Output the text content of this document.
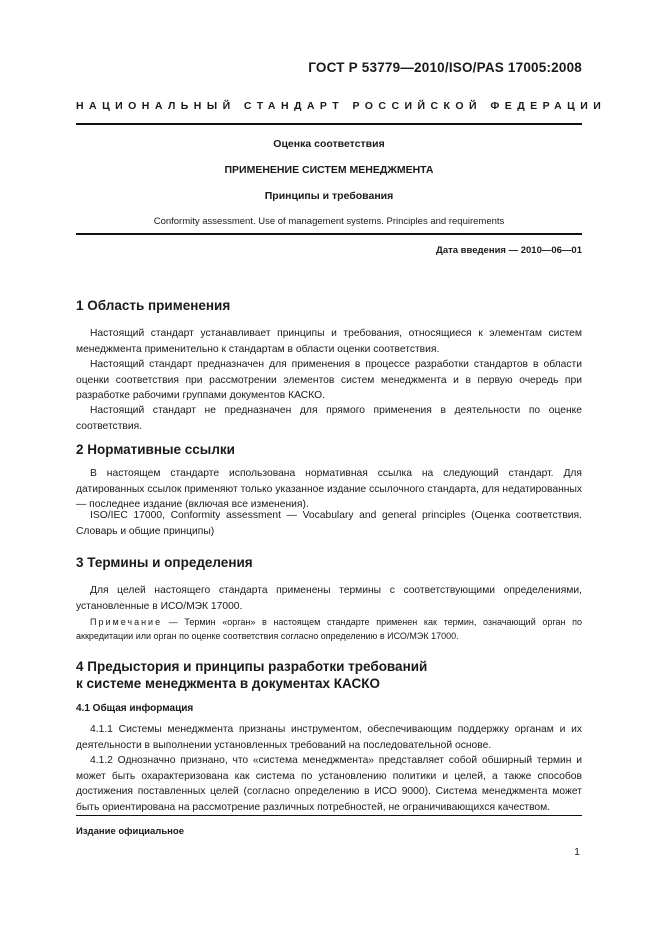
ГОСТ Р 53779—2010/ISO/PAS 17005:2008
НАЦИОНАЛЬНЫЙ СТАНДАРТ РОССИЙСКОЙ ФЕДЕРАЦИИ
Оценка соответствия
ПРИМЕНЕНИЕ СИСТЕМ МЕНЕДЖМЕНТА
Принципы и требования
Conformity assessment. Use of management systems. Principles and requirements
Дата введения — 2010—06—01
1 Область применения
Настоящий стандарт устанавливает принципы и требования, относящиеся к элементам систем менеджмента применительно к стандартам в области оценки соответствия.
Настоящий стандарт предназначен для применения в процессе разработки стандартов в области оценки соответствия при рассмотрении элементов систем менеджмента и в первую очередь при разработке рабочими группами документов КАСКО.
Настоящий стандарт не предназначен для прямого применения в деятельности по оценке соответствия.
2 Нормативные ссылки
В настоящем стандарте использована нормативная ссылка на следующий стандарт. Для датированных ссылок применяют только указанное издание ссылочного стандарта, для недатированных — последнее издание (включая все изменения).
ISO/IEC 17000, Conformity assessment — Vocabulary and general principles (Оценка соответствия. Словарь и общие принципы)
3 Термины и определения
Для целей настоящего стандарта применены термины с соответствующими определениями, установленные в ИСО/МЭК 17000.
Примечание — Термин «орган» в настоящем стандарте применен как термин, означающий орган по аккредитации или орган по оценке соответствия согласно определению в ИСО/МЭК 17000.
4 Предыстория и принципы разработки требований
к системе менеджмента в документах КАСКО
4.1 Общая информация
4.1.1 Системы менеджмента признаны инструментом, обеспечивающим поддержку органам и их деятельности в выполнении установленных требований на последовательной основе.
4.1.2 Однозначно признано, что «система менеджмента» представляет собой обширный термин и может быть охарактеризована как система по установлению политики и целей, а также способов достижения поставленных целей (согласно определению в ИСО 9000). Система менеджмента может быть ориентирована на рассмотрение различных потребностей, не ограничивающихся качеством.
Издание официальное
1
